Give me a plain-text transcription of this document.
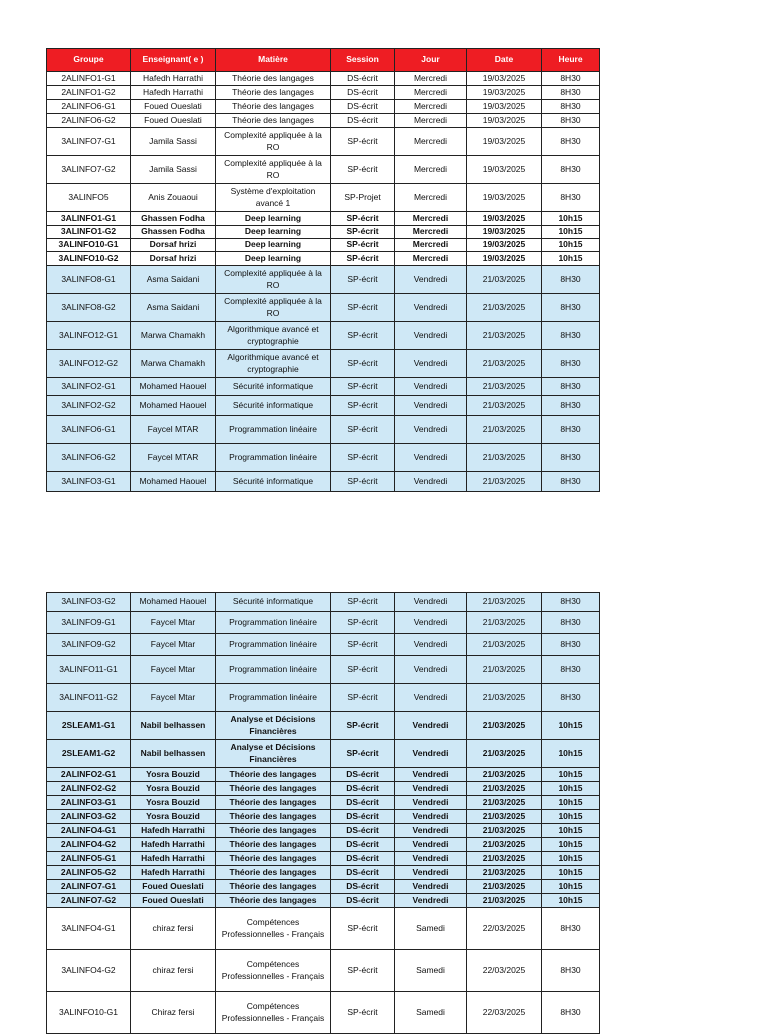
Groupe	Enseignant( e )	Matière	Session	Jour	Date	Heure
2ALINFO1-G1	Hafedh Harrathi	Théorie des langages	DS-écrit	Mercredi	19/03/2025	8H30
2ALINFO1-G2	Hafedh Harrathi	Théorie des langages	DS-écrit	Mercredi	19/03/2025	8H30
2ALINFO6-G1	Foued Oueslati	Théorie des langages	DS-écrit	Mercredi	19/03/2025	8H30
2ALINFO6-G2	Foued Oueslati	Théorie des langages	DS-écrit	Mercredi	19/03/2025	8H30
3ALINFO7-G1	Jamila Sassi	Complexité appliquée à la RO	SP-écrit	Mercredi	19/03/2025	8H30
3ALINFO7-G2	Jamila Sassi	Complexité appliquée à la RO	SP-écrit	Mercredi	19/03/2025	8H30
3ALINFO5	Anis Zouaoui	Système d'exploitation avancé 1	SP-Projet	Mercredi	19/03/2025	8H30
3ALINFO1-G1	Ghassen Fodha	Deep learning	SP-écrit	Mercredi	19/03/2025	10h15
3ALINFO1-G2	Ghassen Fodha	Deep learning	SP-écrit	Mercredi	19/03/2025	10h15
3ALINFO10-G1	Dorsaf hrizi	Deep learning	SP-écrit	Mercredi	19/03/2025	10h15
3ALINFO10-G2	Dorsaf hrizi	Deep learning	SP-écrit	Mercredi	19/03/2025	10h15
3ALINFO8-G1	Asma Saidani	Complexité appliquée à la RO	SP-écrit	Vendredi	21/03/2025	8H30
3ALINFO8-G2	Asma Saidani	Complexité appliquée à la RO	SP-écrit	Vendredi	21/03/2025	8H30
3ALINFO12-G1	Marwa Chamakh	Algorithmique avancé et cryptographie	SP-écrit	Vendredi	21/03/2025	8H30
3ALINFO12-G2	Marwa Chamakh	Algorithmique avancé et cryptographie	SP-écrit	Vendredi	21/03/2025	8H30
3ALINFO2-G1	Mohamed Haouel	Sécurité informatique	SP-écrit	Vendredi	21/03/2025	8H30
3ALINFO2-G2	Mohamed Haouel	Sécurité informatique	SP-écrit	Vendredi	21/03/2025	8H30
3ALINFO6-G1	Faycel MTAR	Programmation linéaire	SP-écrit	Vendredi	21/03/2025	8H30
3ALINFO6-G2	Faycel MTAR	Programmation linéaire	SP-écrit	Vendredi	21/03/2025	8H30
3ALINFO3-G1	Mohamed Haouel	Sécurité informatique	SP-écrit	Vendredi	21/03/2025	8H30
3ALINFO3-G2	Mohamed Haouel	Sécurité informatique	SP-écrit	Vendredi	21/03/2025	8H30
3ALINFO9-G1	Faycel Mtar	Programmation linéaire	SP-écrit	Vendredi	21/03/2025	8H30
3ALINFO9-G2	Faycel Mtar	Programmation linéaire	SP-écrit	Vendredi	21/03/2025	8H30
3ALINFO11-G1	Faycel Mtar	Programmation linéaire	SP-écrit	Vendredi	21/03/2025	8H30
3ALINFO11-G2	Faycel Mtar	Programmation linéaire	SP-écrit	Vendredi	21/03/2025	8H30
2SLEAM1-G1	Nabil belhassen	Analyse et Décisions Financières	SP-écrit	Vendredi	21/03/2025	10h15
2SLEAM1-G2	Nabil belhassen	Analyse et Décisions Financières	SP-écrit	Vendredi	21/03/2025	10h15
2ALINFO2-G1	Yosra Bouzid	Théorie des langages	DS-écrit	Vendredi	21/03/2025	10h15
2ALINFO2-G2	Yosra Bouzid	Théorie des langages	DS-écrit	Vendredi	21/03/2025	10h15
2ALINFO3-G1	Yosra Bouzid	Théorie des langages	DS-écrit	Vendredi	21/03/2025	10h15
2ALINFO3-G2	Yosra Bouzid	Théorie des langages	DS-écrit	Vendredi	21/03/2025	10h15
2ALINFO4-G1	Hafedh Harrathi	Théorie des langages	DS-écrit	Vendredi	21/03/2025	10h15
2ALINFO4-G2	Hafedh Harrathi	Théorie des langages	DS-écrit	Vendredi	21/03/2025	10h15
2ALINFO5-G1	Hafedh Harrathi	Théorie des langages	DS-écrit	Vendredi	21/03/2025	10h15
2ALINFO5-G2	Hafedh Harrathi	Théorie des langages	DS-écrit	Vendredi	21/03/2025	10h15
2ALINFO7-G1	Foued Oueslati	Théorie des langages	DS-écrit	Vendredi	21/03/2025	10h15
2ALINFO7-G2	Foued Oueslati	Théorie des langages	DS-écrit	Vendredi	21/03/2025	10h15
3ALINFO4-G1	chiraz fersi	Compétences Professionnelles - Français	SP-écrit	Samedi	22/03/2025	8H30
3ALINFO4-G2	chiraz fersi	Compétences Professionnelles - Français	SP-écrit	Samedi	22/03/2025	8H30
3ALINFO10-G1	Chiraz fersi	Compétences Professionnelles - Français	SP-écrit	Samedi	22/03/2025	8H30
